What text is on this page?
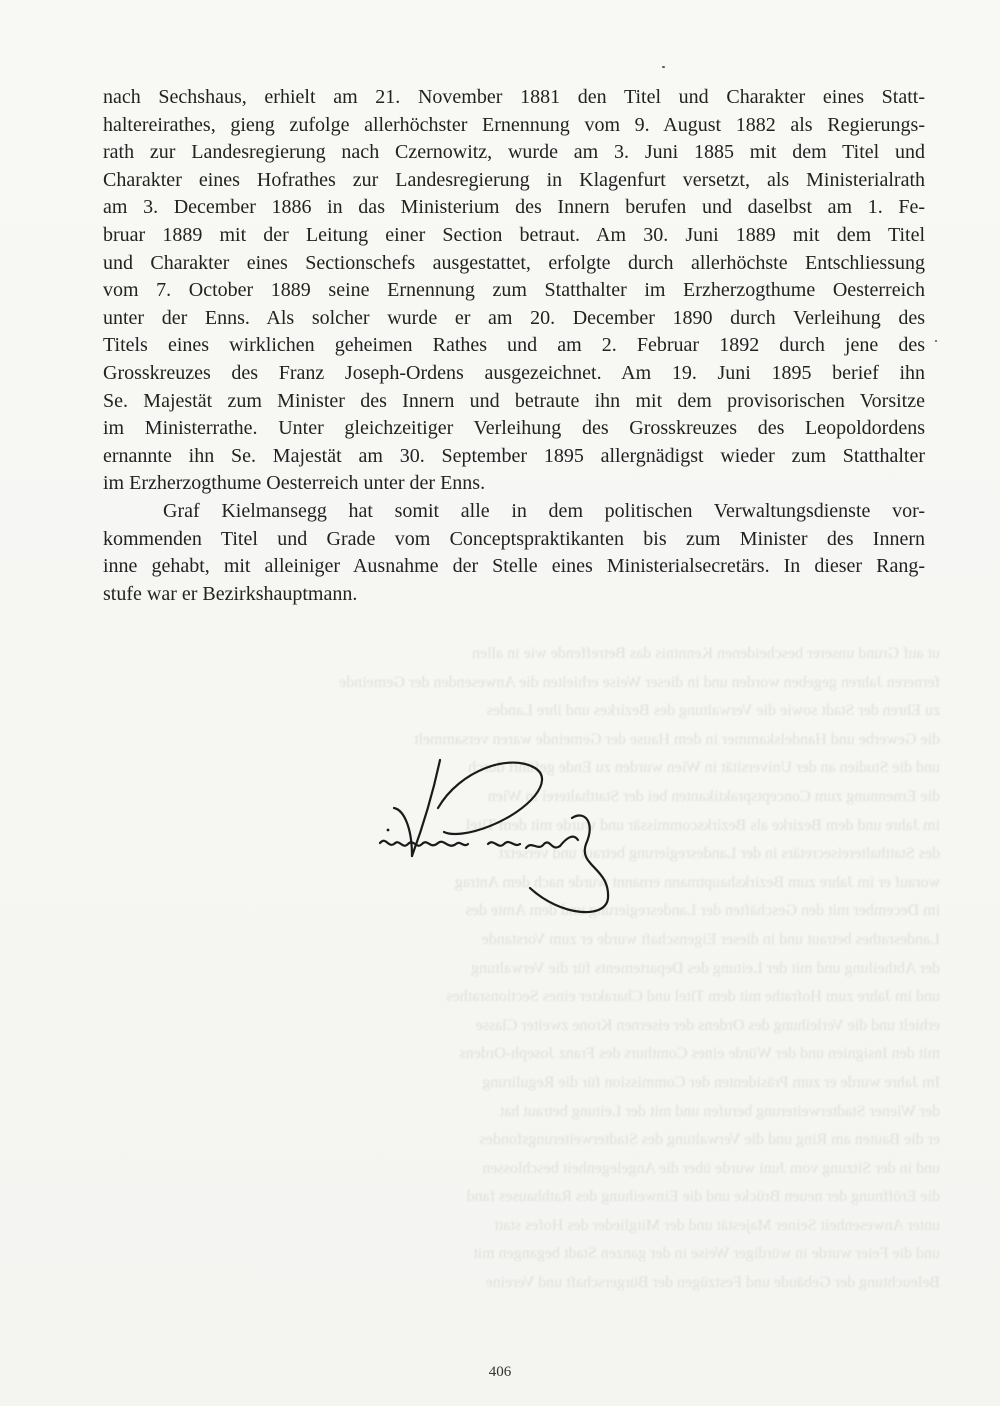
ut auf Grund unserer bescheidenen Kenntnis das Betreffende wie in allen
ferneren Jahren gegeben worden und in dieser Weise erhielten die Anwesenden der Gemeinde
zu Ehren der Stadt sowie die Verwaltung des Bezirkes und ihre Landes
die Gewerbe und Handelskammer in dem Hause der Gemeinde waren versammelt
und die Studien an der Universität in Wien wurden zu Ende geführt durch
die Ernennung zum Conceptspraktikanten bei der Statthalterei in Wien
im Jahre und dem Bezirke als Bezirkscommissär und wurde mit dem Titel
des Statthaltereisecretärs in der Landesregierung betraut und versetzt
worauf er im Jahre zum Bezirkshauptmann ernannt wurde nach dem Antrag
im December mit den Geschäften der Landesregierung und dem Amte des
Landesrathes betraut und in dieser Eigenschaft wurde er zum Vorstande
der Abtheilung und mit der Leitung des Departements für die Verwaltung
und im Jahre zum Hofrathe mit dem Titel und Charakter eines Sectionsrathes
erhielt und die Verleihung des Ordens der eisernen Krone zweiter Classe
mit den Insignien und der Würde eines Comthurs des Franz Joseph-Ordens
Im Jahre wurde er zum Präsidenten der Commission für die Regulirung
der Wiener Stadterweiterung berufen und mit der Leitung betraut hat
er die Bauten am Ring und die Verwaltung des Stadterweiterungsfondes
und in der Sitzung vom Juni wurde über die Angelegenheit beschlossen
die Eröffnung der neuen Brücke und die Einweihung des Rathhauses fand
unter Anwesenheit Seiner Majestät und der Mitglieder des Hofes statt
und die Feier wurde in würdiger Weise in der ganzen Stadt begangen mit
Beleuchtung der Gebäude und Festzügen der Bürgerschaft und Vereine
nach Sechshaus, erhielt am 21. November 1881 den Titel und Charakter eines Statt-
haltereirathes, gieng zufolge allerhöchster Ernennung vom 9. August 1882 als Regierungs-
rath zur Landesregierung nach Czernowitz, wurde am 3. Juni 1885 mit dem Titel und
Charakter eines Hofrathes zur Landesregierung in Klagenfurt versetzt, als Ministerialrath
am 3. December 1886 in das Ministerium des Innern berufen und daselbst am 1. Fe-
bruar 1889 mit der Leitung einer Section betraut. Am 30. Juni 1889 mit dem Titel
und Charakter eines Sectionschefs ausgestattet, erfolgte durch allerhöchste Entschliessung
vom 7. October 1889 seine Ernennung zum Statthalter im Erzherzogthume Oesterreich
unter der Enns. Als solcher wurde er am 20. December 1890 durch Verleihung des
Titels eines wirklichen geheimen Rathes und am 2. Februar 1892 durch jene des
Grosskreuzes des Franz Joseph-Ordens ausgezeichnet. Am 19. Juni 1895 berief ihn
Se. Majestät zum Minister des Innern und betraute ihn mit dem provisorischen Vorsitze
im Ministerrathe. Unter gleichzeitiger Verleihung des Grosskreuzes des Leopoldordens
ernannte ihn Se. Majestät am 30. September 1895 allergnädigst wieder zum Statthalter
im Erzherzogthume Oesterreich unter der Enns.
Graf Kielmansegg hat somit alle in dem politischen Verwaltungsdienste vor-
kommenden Titel und Grade vom Conceptspraktikanten bis zum Minister des Innern
inne gehabt, mit alleiniger Ausnahme der Stelle eines Ministerialsecretärs. In dieser Rang-
stufe war er Bezirkshauptmann.
406
